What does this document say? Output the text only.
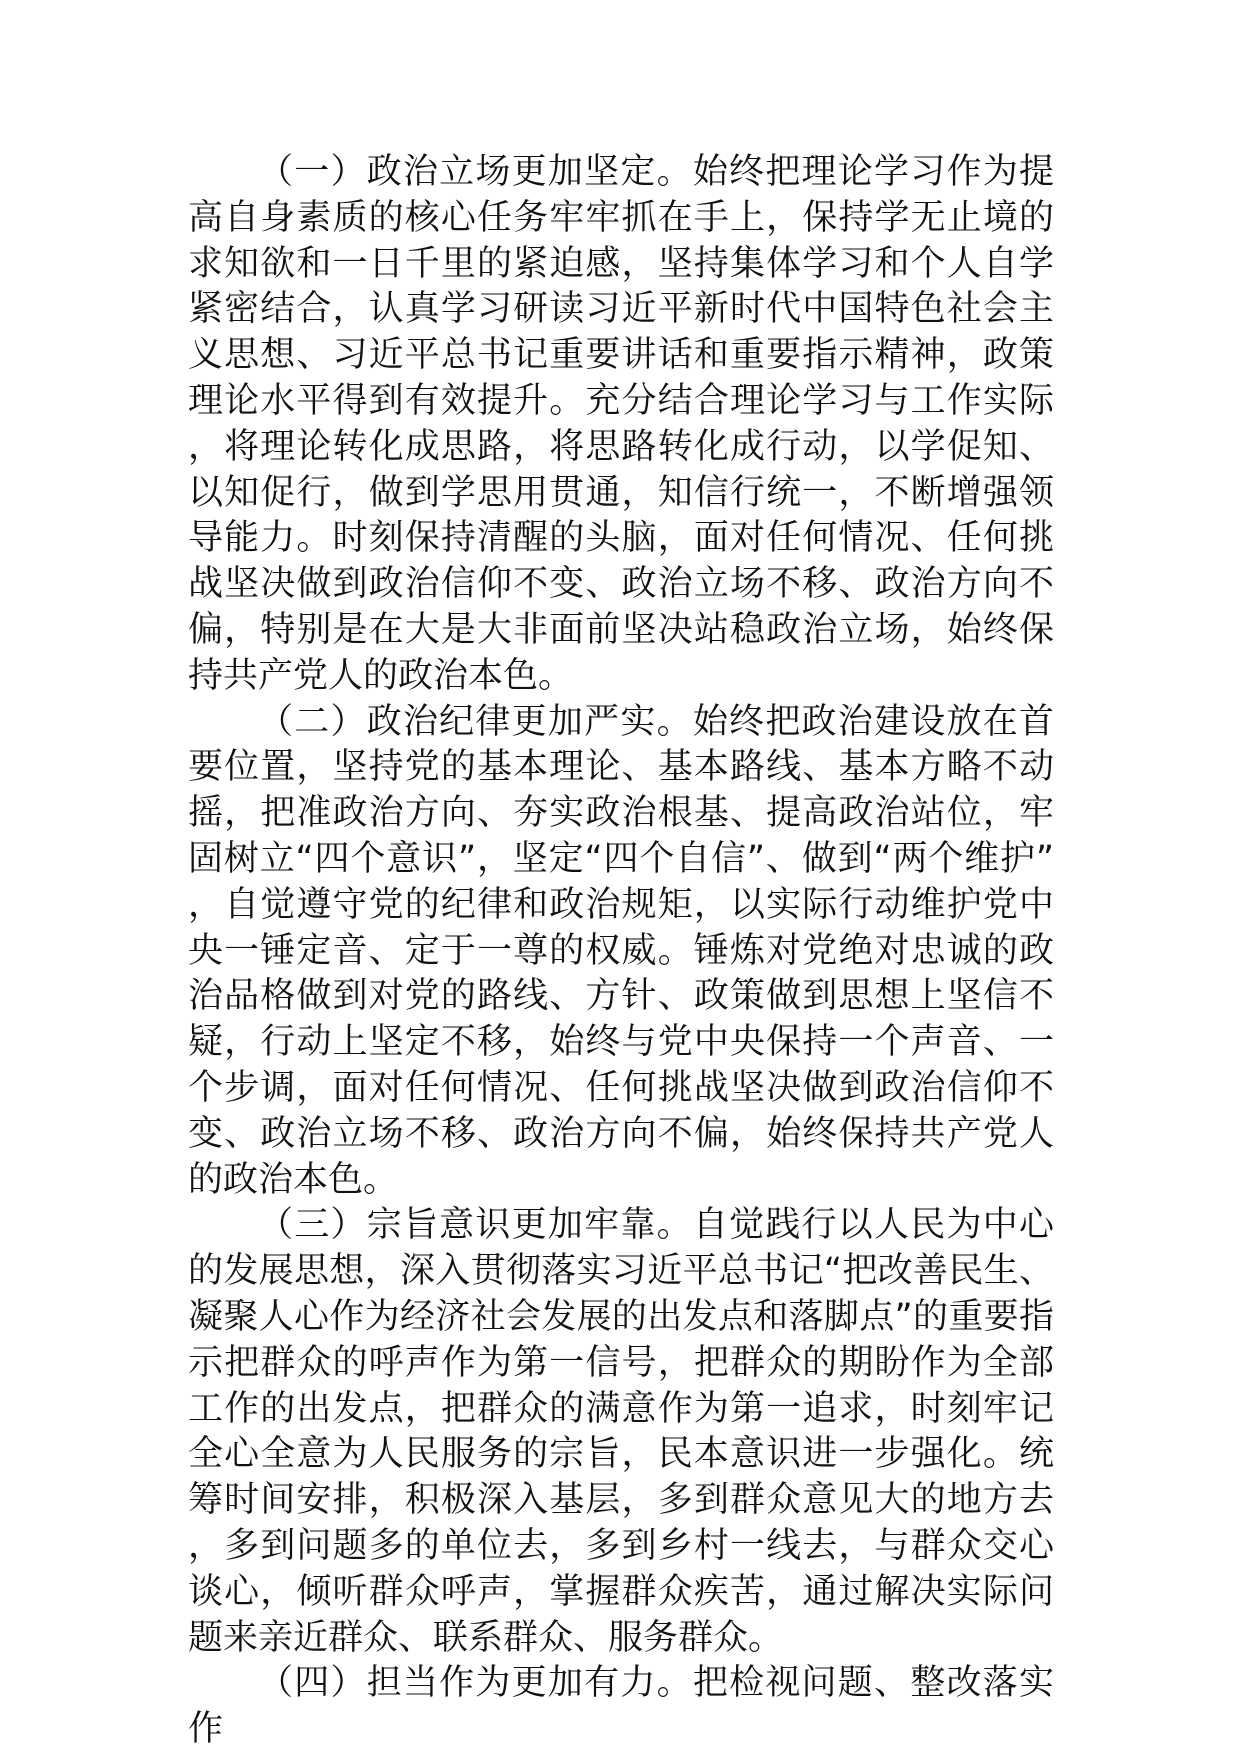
（一）政治立场更加坚定。始终把理论学习作为提高自身素质的核心任务牢牢抓在手上，保持学无止境的求知欲和一日千里的紧迫感，坚持集体学习和个人自学紧密结合，认真学习研读习近平新时代中国特色社会主义思想、习近平总书记重要讲话和重要指示精神，政策理论水平得到有效提升。充分结合理论学习与工作实际，将理论转化成思路，将思路转化成行动，以学促知、以知促行，做到学思用贯通，知信行统一，不断增强领导能力。时刻保持清醒的头脑，面对任何情况、任何挑战坚决做到政治信仰不变、政治立场不移、政治方向不偏，特别是在大是大非面前坚决站稳政治立场，始终保持共产党人的政治本色。

（二）政治纪律更加严实。始终把政治建设放在首要位置，坚持党的基本理论、基本路线、基本方略不动摇，把准政治方向、夯实政治根基、提高政治站位，牢固树立“四个意识”，坚定“四个自信”、做到“两个维护”，自觉遵守党的纪律和政治规矩，以实际行动维护党中央一锤定音、定于一尊的权威。锤炼对党绝对忠诚的政治品格做到对党的路线、方针、政策做到思想上坚信不疑，行动上坚定不移，始终与党中央保持一个声音、一个步调，面对任何情况、任何挑战坚决做到政治信仰不变、政治立场不移、政治方向不偏，始终保持共产党人的政治本色。

（三）宗旨意识更加牢靠。自觉践行以人民为中心的发展思想，深入贯彻落实习近平总书记“把改善民生、凝聚人心作为经济社会发展的出发点和落脚点”的重要指示把群众的呼声作为第一信号，把群众的期盼作为全部工作的出发点，把群众的满意作为第一追求，时刻牢记全心全意为人民服务的宗旨，民本意识进一步强化。统筹时间安排，积极深入基层，多到群众意见大的地方去，多到问题多的单位去，多到乡村一线去，与群众交心谈心，倾听群众呼声，掌握群众疾苦，通过解决实际问题来亲近群众、联系群众、服务群众。

（四）担当作为更加有力。把检视问题、整改落实作
